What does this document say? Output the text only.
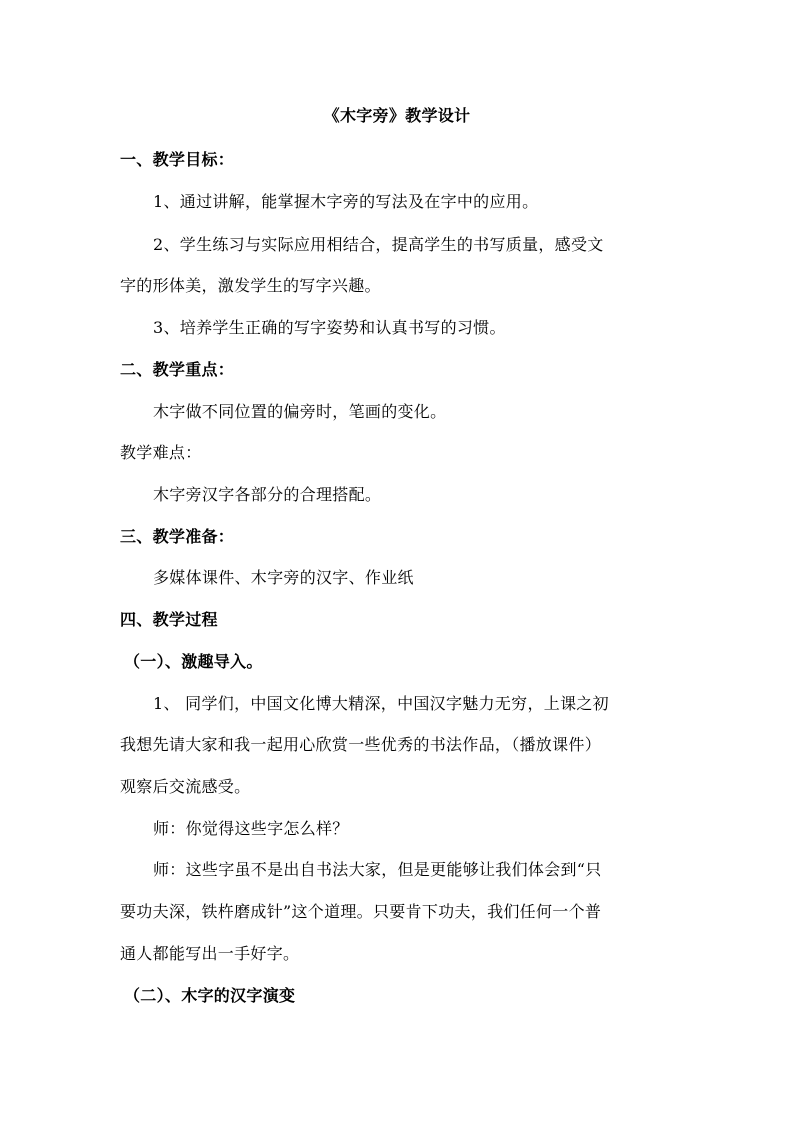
《木字旁》教学设计
一、教学目标：
1、通过讲解，能掌握木字旁的写法及在字中的应用。
2、学生练习与实际应用相结合，提高学生的书写质量，感受文
字的形体美，激发学生的写字兴趣。
3、培养学生正确的写字姿势和认真书写的习惯。
二、教学重点：
木字做不同位置的偏旁时，笔画的变化。
教学难点：
木字旁汉字各部分的合理搭配。
三、教学准备：
多媒体课件、木字旁的汉字、作业纸
四、教学过程
（一）、激趣导入。
1、 同学们，中国文化博大精深，中国汉字魅力无穷，上课之初
我想先请大家和我一起用心欣赏一些优秀的书法作品，（播放课件）
观察后交流感受。
师：你觉得这些字怎么样？
师：这些字虽不是出自书法大家，但是更能够让我们体会到“只
要功夫深，铁杵磨成针”这个道理。只要肯下功夫，我们任何一个普
通人都能写出一手好字。
（二）、木字的汉字演变
